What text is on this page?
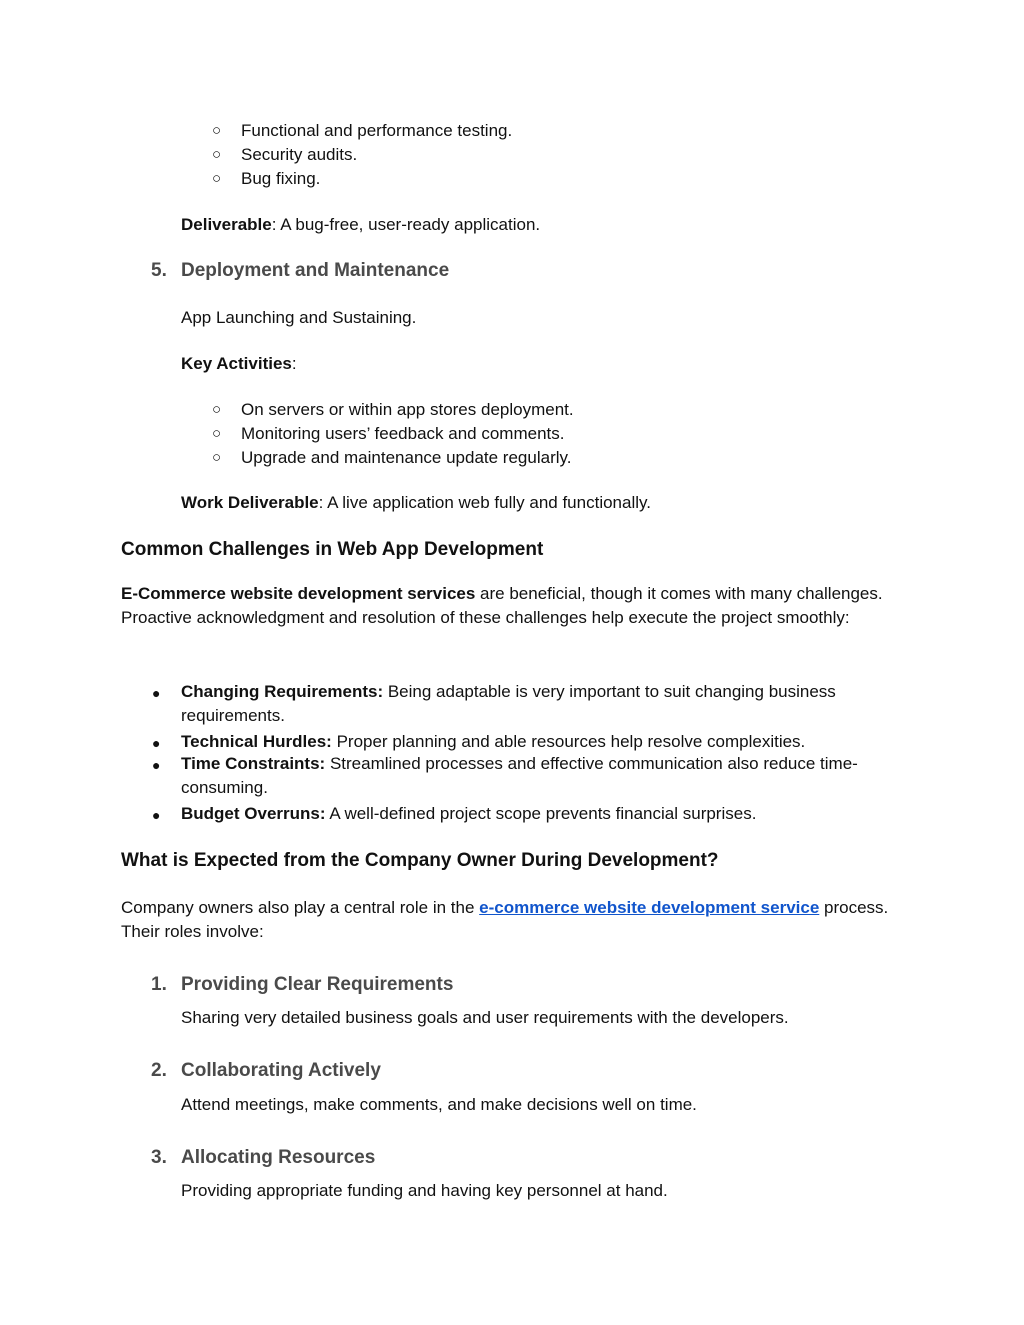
○ Functional and performance testing.
○ Security audits.
○ Bug fixing.
Deliverable: A bug-free, user-ready application.
5. Deployment and Maintenance
App Launching and Sustaining.
Key Activities:
○ On servers or within app stores deployment.
○ Monitoring users’ feedback and comments.
○ Upgrade and maintenance update regularly.
Work Deliverable: A live application web fully and functionally.
Common Challenges in Web App Development
E-Commerce website development services are beneficial, though it comes with many challenges. Proactive acknowledgment and resolution of these challenges help execute the project smoothly:
● Changing Requirements: Being adaptable is very important to suit changing business requirements.
● Technical Hurdles: Proper planning and able resources help resolve complexities.
● Time Constraints: Streamlined processes and effective communication also reduce time-consuming.
● Budget Overruns: A well-defined project scope prevents financial surprises.
What is Expected from the Company Owner During Development?
Company owners also play a central role in the e-commerce website development service process. Their roles involve:
1. Providing Clear Requirements
Sharing very detailed business goals and user requirements with the developers.
2. Collaborating Actively
Attend meetings, make comments, and make decisions well on time.
3. Allocating Resources
Providing appropriate funding and having key personnel at hand.
